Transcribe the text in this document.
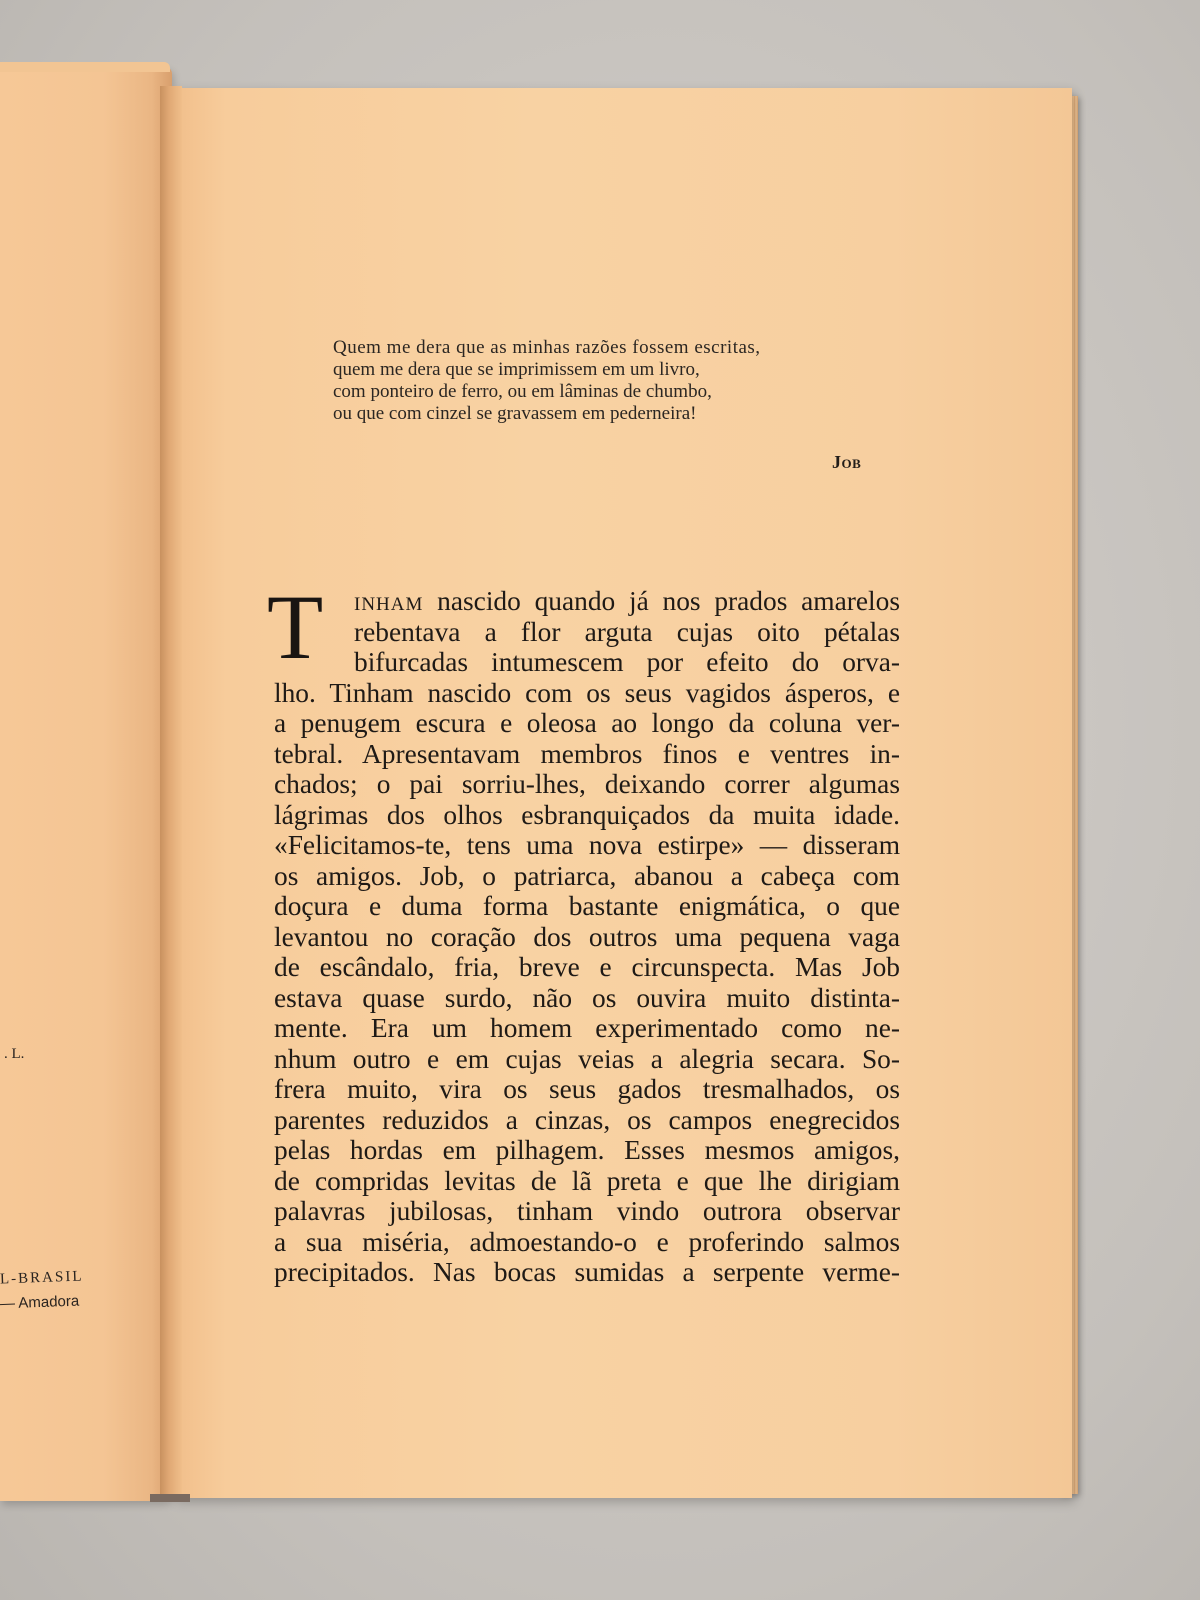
. L.
L-BRASIL
— Amadora
Quem me dera que as minhas razões fossem escritas,
quem me dera que se imprimissem em um livro,
com ponteiro de ferro, ou em lâminas de chumbo,
ou que com cinzel se gravassem em pederneira!
JOB
T	INHAM nascido quando já nos prados amarelos
rebentava a flor arguta cujas oito pétalas
bifurcadas intumescem por efeito do orva-
lho. Tinham nascido com os seus vagidos ásperos, e
a penugem escura e oleosa ao longo da coluna ver-
tebral. Apresentavam membros finos e ventres in-
chados; o pai sorriu-lhes, deixando correr algumas
lágrimas dos olhos esbranquiçados da muita idade.
«Felicitamos-te, tens uma nova estirpe» — disseram
os amigos. Job, o patriarca, abanou a cabeça com
doçura e duma forma bastante enigmática, o que
levantou no coração dos outros uma pequena vaga
de escândalo, fria, breve e circunspecta. Mas Job
estava quase surdo, não os ouvira muito distinta-
mente. Era um homem experimentado como ne-
nhum outro e em cujas veias a alegria secara. So-
frera muito, vira os seus gados tresmalhados, os
parentes reduzidos a cinzas, os campos enegrecidos
pelas hordas em pilhagem. Esses mesmos amigos,
de compridas levitas de lã preta e que lhe dirigiam
palavras jubilosas, tinham vindo outrora observar
a sua miséria, admoestando-o e proferindo salmos
precipitados. Nas bocas sumidas a serpente verme-
